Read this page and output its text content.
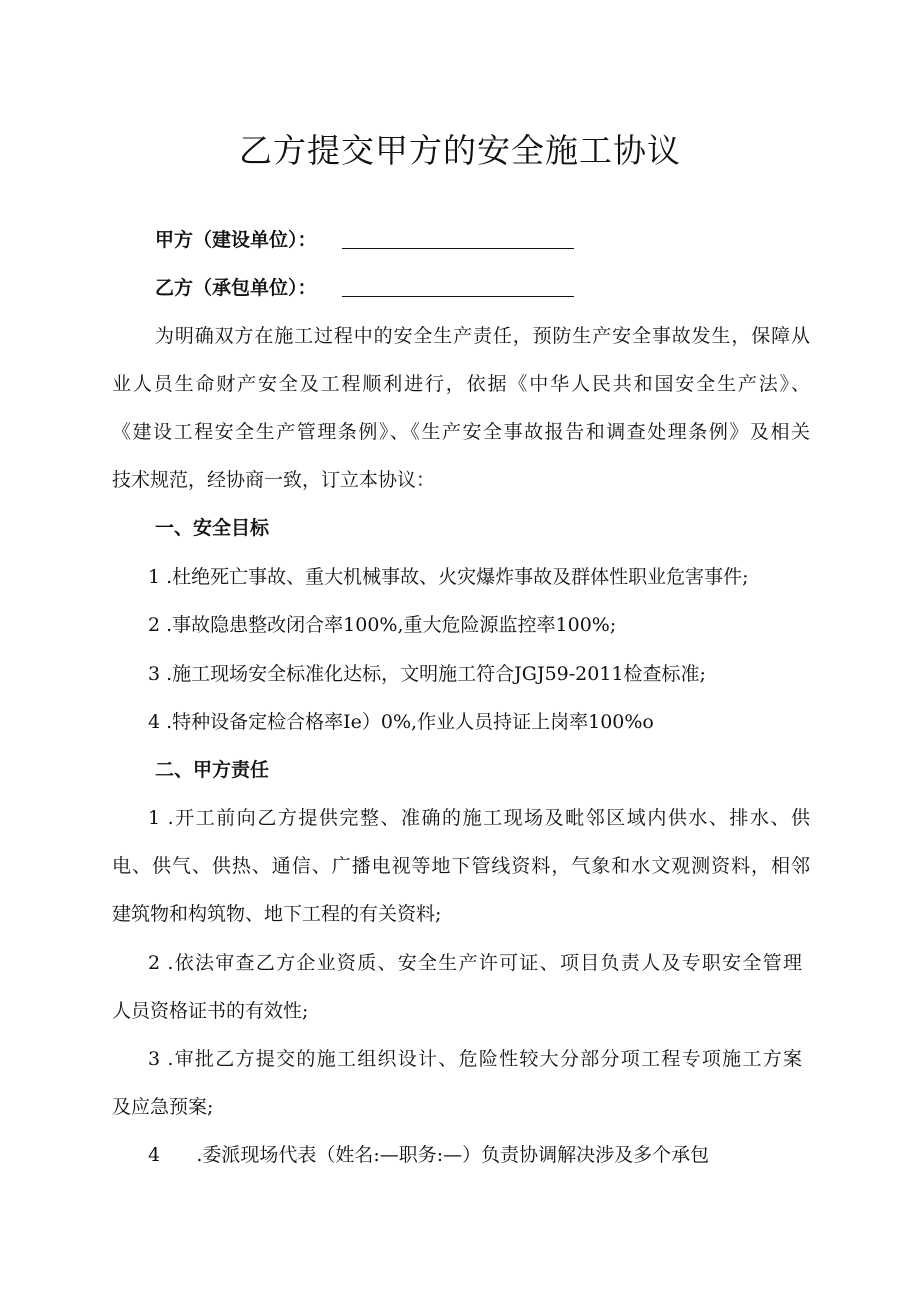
乙方提交甲方的安全施工协议
甲方（建设单位）：
乙方（承包单位）：
为明确双方在施工过程中的安全生产责任，预防生产安全事故发生，保障从
业人员生命财产安全及工程顺利进行，依据《中华人民共和国安全生产法》、
《建设工程安全生产管理条例》、《生产安全事故报告和调查处理条例》及相关
技术规范，经协商一致，订立本协议：
一、安全目标
1 .杜绝死亡事故、重大机械事故、火灾爆炸事故及群体性职业危害事件;
2 .事故隐患整改闭合率100%,重大危险源监控率100%;
3 .施工现场安全标准化达标，文明施工符合JGJ59-2011检查标准;
4 .特种设备定检合格率Ie）0%,作业人员持证上岗率100%o
二、甲方责任
1 .开工前向乙方提供完整、准确的施工现场及毗邻区域内供水、排水、供
电、供气、供热、通信、广播电视等地下管线资料，气象和水文观测资料，相邻
建筑物和构筑物、地下工程的有关资料;
2 .依法审查乙方企业资质、安全生产许可证、项目负责人及专职安全管理
人员资格证书的有效性;
3 .审批乙方提交的施工组织设计、危险性较大分部分项工程专项施工方案
及应急预案;
4      .委派现场代表（姓名:—职务:—）负责协调解决涉及多个承包
